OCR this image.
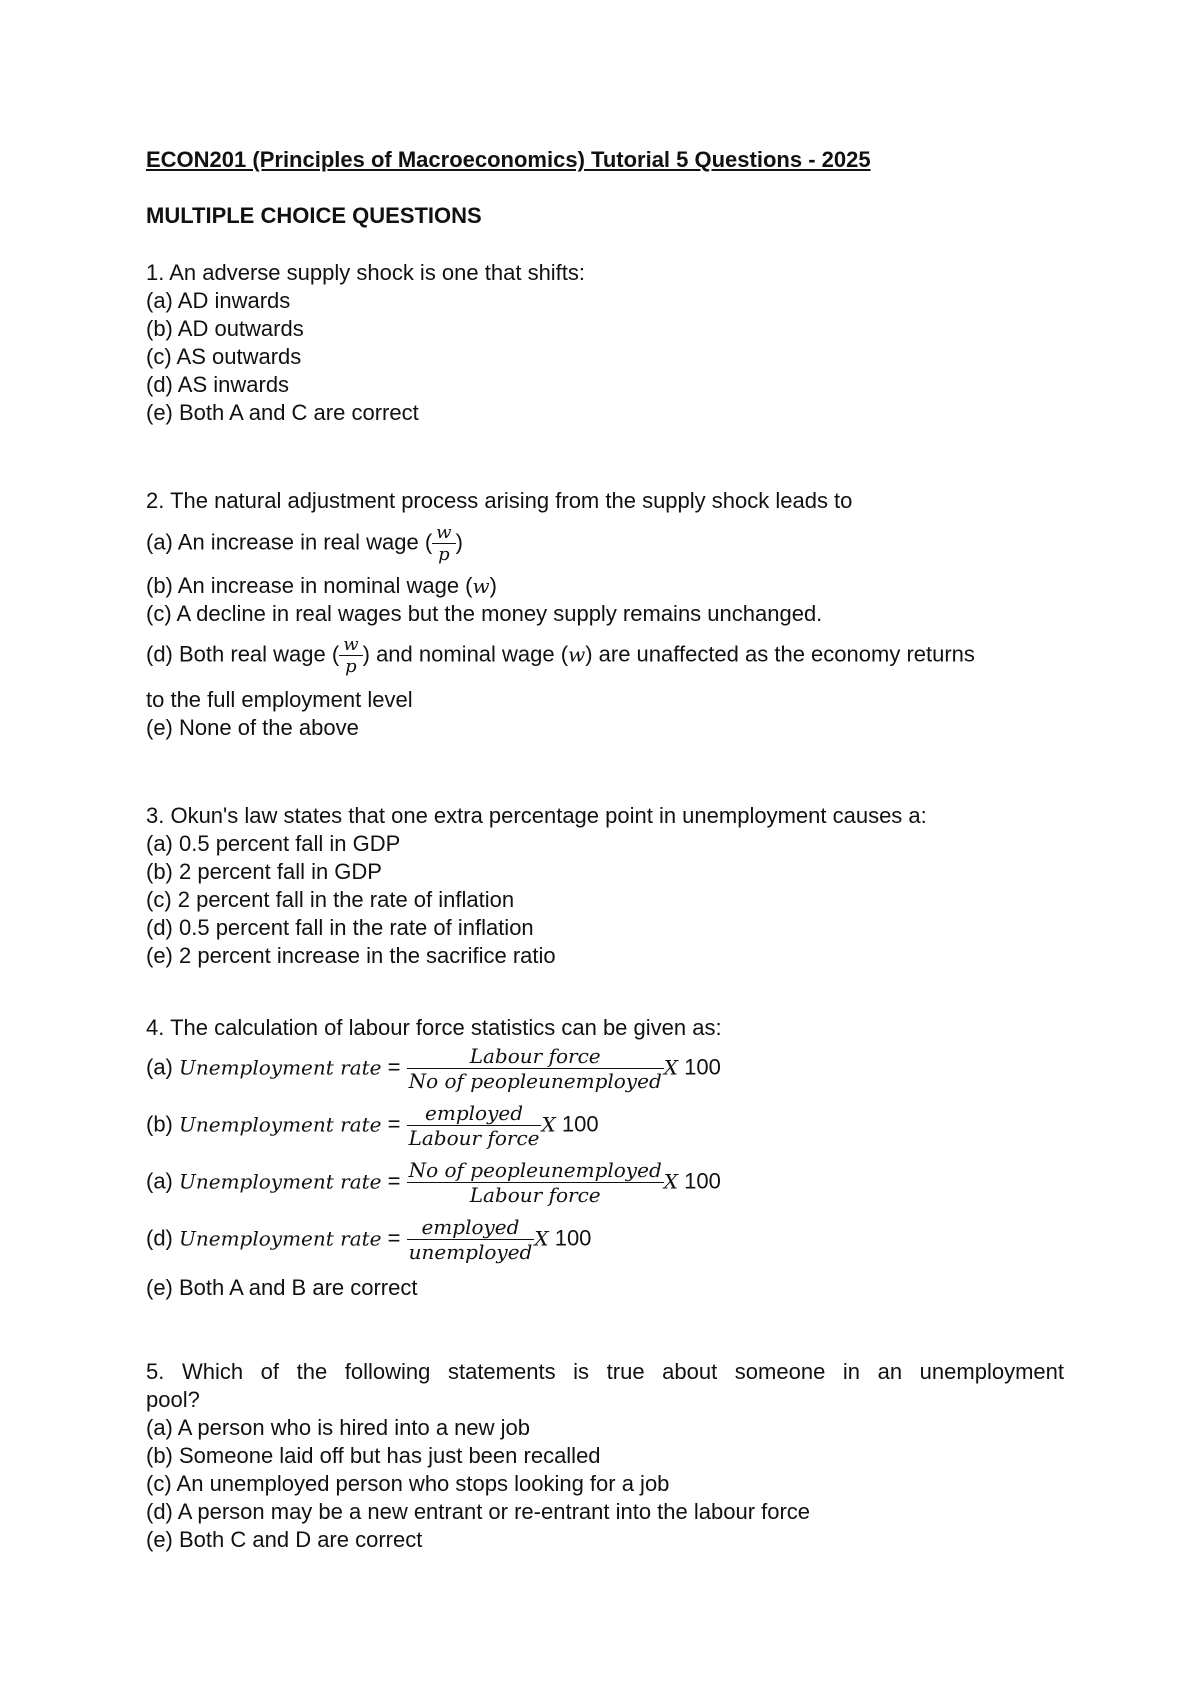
ECON201 (Principles of Macroeconomics) Tutorial 5 Questions - 2025

MULTIPLE CHOICE QUESTIONS

1. An adverse supply shock is one that shifts:

(a) AD inwards

(b) AD outwards

(c) AS outwards

(d) AS inwards

(e) Both A and C are correct

2. The natural adjustment process arising from the supply shock leads to

(a) An increase in real wage ( $\frac{w}{p}$ )

(b) An increase in nominal wage (w)

(c) A decline in real wages but the money supply remains unchanged.

(d) Both real wage ( $\frac{w}{p}$ ) and nominal wage (w) are unaffected as the economy returns

to the full employment level

(e) None of the above

3. Okun's law states that one extra percentage point in unemployment causes a:

(a) 0.5 percent fall in GDP

(b) 2 percent fall in GDP

(c) 2 percent fall in the rate of inflation

(d) 0.5 percent fall in the rate of inflation

(e) 2 percent increase in the sacrifice ratio

4. The calculation of labour force statistics can be given as:

(a) Unemployment rate = $\frac{\text{Labour force}}{\text{No of peopleunemployed}}$ X 100

(b) Unemployment rate = $\frac{\text{employed}}{\text{Labour force}}$ X 100

(a) Unemployment rate = $\frac{\text{No of peopleunemployed}}{\text{Labour force}}$ X 100

(d) Unemployment rate = $\frac{\text{employed}}{\text{unemployed}}$ X 100

(e) Both A and B are correct

5. Which of the following statements is true about someone in an unemployment

pool?

(a) A person who is hired into a new job

(b) Someone laid off but has just been recalled

(c) An unemployed person who stops looking for a job

(d) A person may be a new entrant or re-entrant into the labour force

(e) Both C and D are correct
